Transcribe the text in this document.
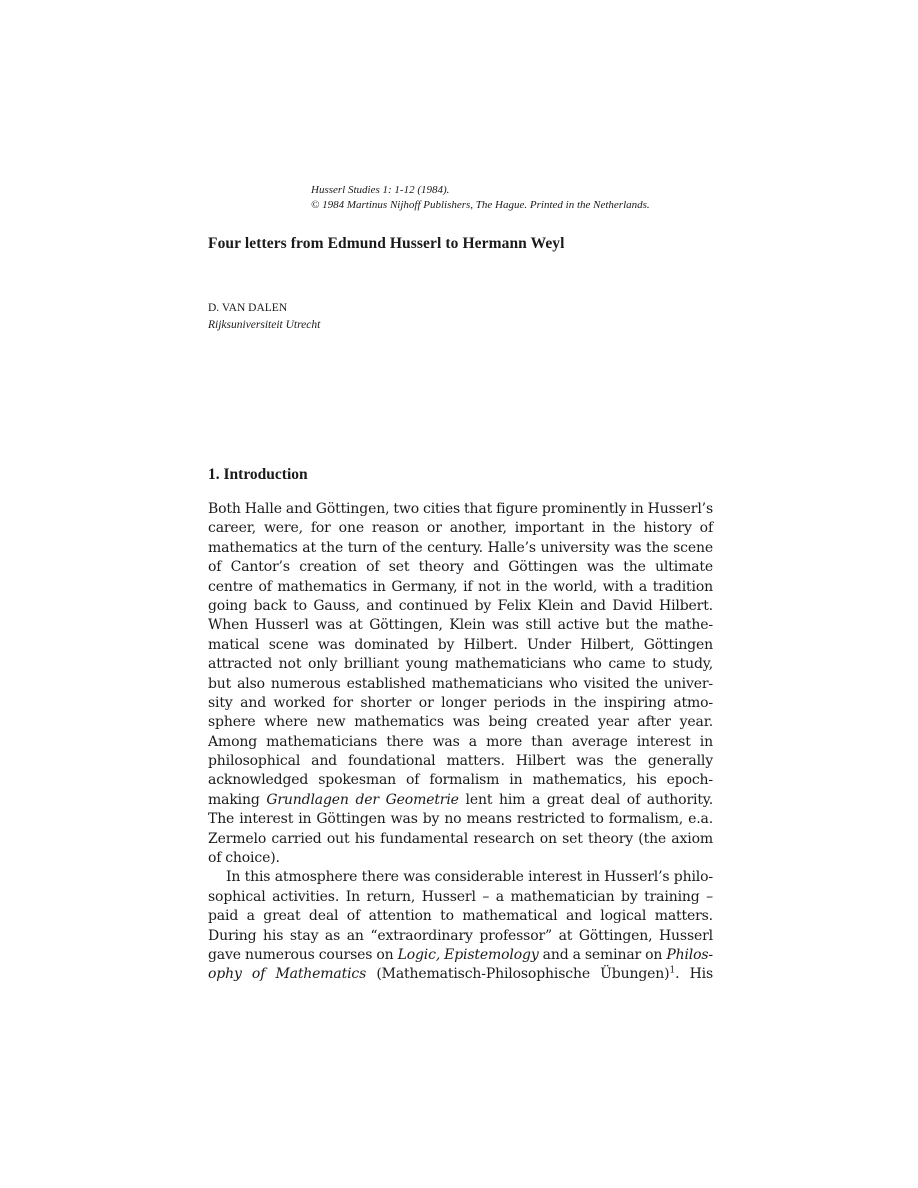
Husserl Studies 1: 1-12 (1984).
© 1984 Martinus Nijhoff Publishers, The Hague. Printed in the Netherlands.
Four letters from Edmund Husserl to Hermann Weyl
D. VAN DALEN
Rijksuniversiteit Utrecht
1. Introduction
Both Halle and Göttingen, two cities that figure prominently in Husserl’s
career, were, for one reason or another, important in the history of
mathematics at the turn of the century. Halle’s university was the scene
of Cantor’s creation of set theory and Göttingen was the ultimate
centre of mathematics in Germany, if not in the world, with a tradition
going back to Gauss, and continued by Felix Klein and David Hilbert.
When Husserl was at Göttingen, Klein was still active but the mathe-
matical scene was dominated by Hilbert. Under Hilbert, Göttingen
attracted not only brilliant young mathematicians who came to study,
but also numerous established mathematicians who visited the univer-
sity and worked for shorter or longer periods in the inspiring atmo-
sphere where new mathematics was being created year after year.
Among mathematicians there was a more than average interest in
philosophical and foundational matters. Hilbert was the generally
acknowledged spokesman of formalism in mathematics, his epoch-
making Grundlagen der Geometrie lent him a great deal of authority.
The interest in Göttingen was by no means restricted to formalism, e.a.
Zermelo carried out his fundamental research on set theory (the axiom
of choice).
In this atmosphere there was considerable interest in Husserl’s philo-
sophical activities. In return, Husserl – a mathematician by training –
paid a great deal of attention to mathematical and logical matters.
During his stay as an “extraordinary professor” at Göttingen, Husserl
gave numerous courses on Logic, Epistemology and a seminar on Philos-
ophy of Mathematics (Mathematisch-Philosophische Übungen)$^1$. His
